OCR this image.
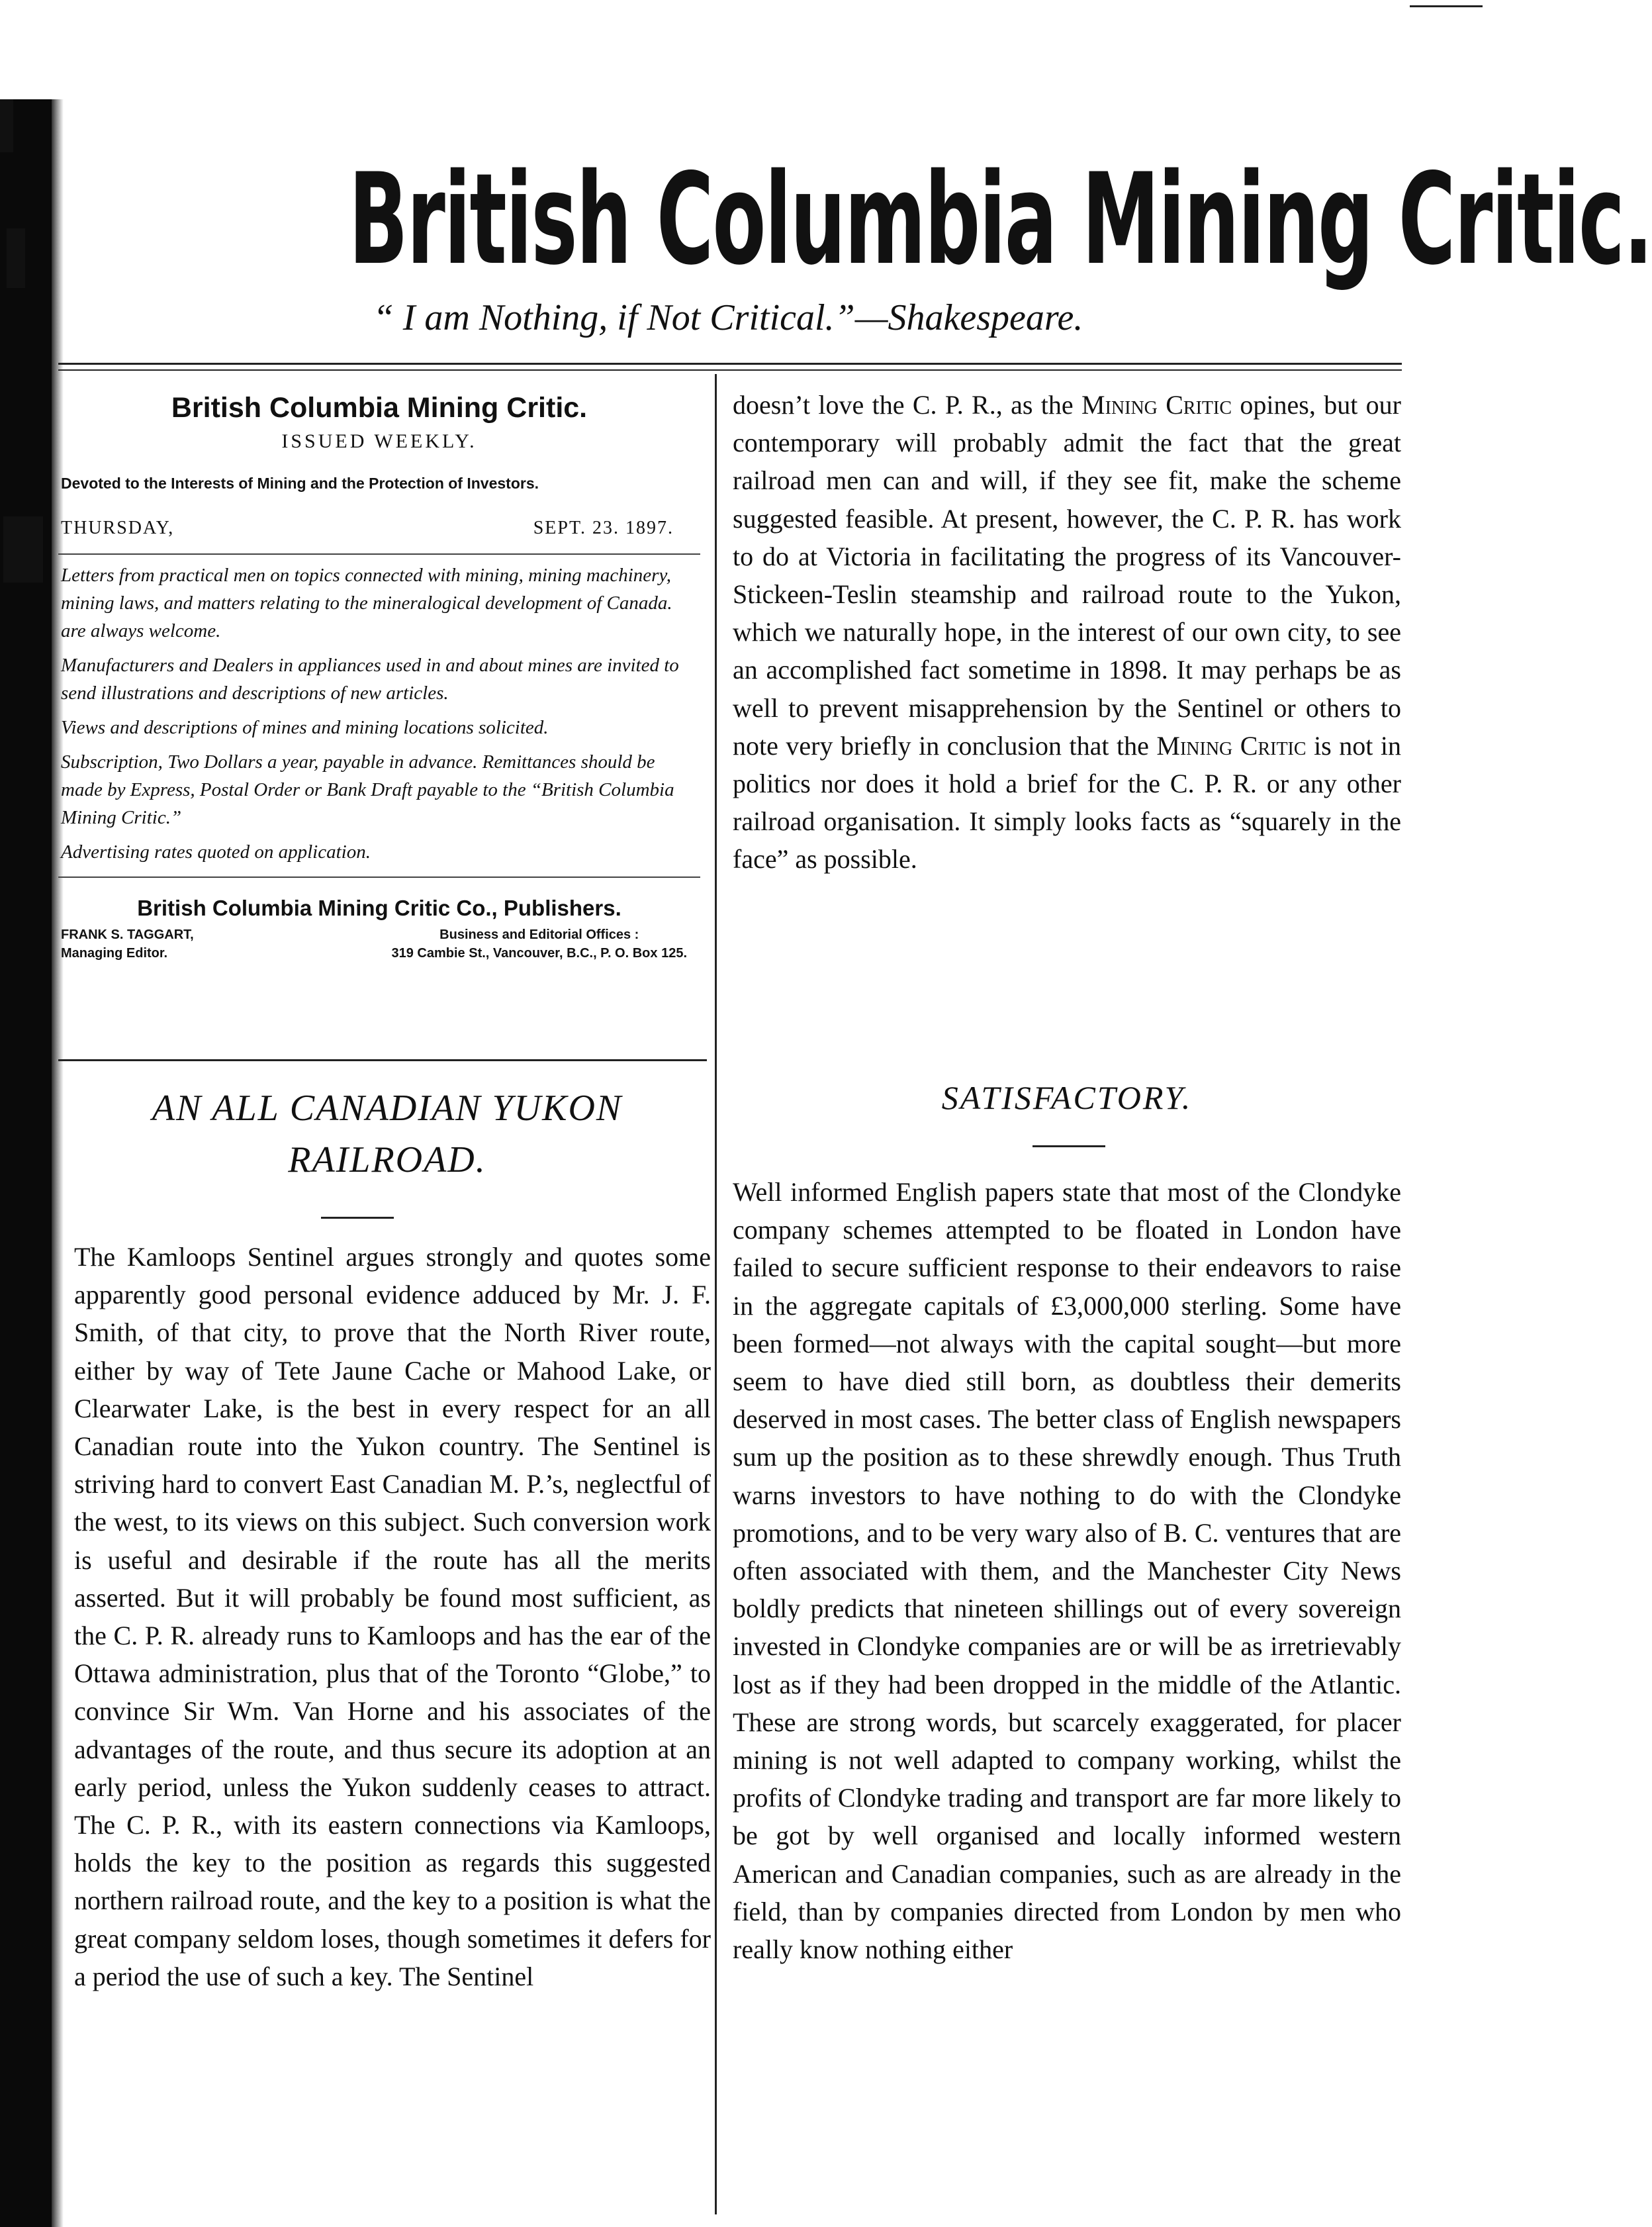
British Columbia Mining Critic.
“ I am Nothing, if Not Critical.”—Shakespeare.
British Columbia Mining Critic.
ISSUED WEEKLY.
Devoted to the Interests of Mining and the Protection of Investors.
THURSDAY,	SEPT. 23. 1897.

Letters from practical men on topics connected with mining, mining machinery, mining laws, and matters relating to the mineralogical development of Canada. are always welcome.

Manufacturers and Dealers in appliances used in and about mines are invited to send illustrations and descriptions of new articles.

Views and descriptions of mines and mining locations solicited.

Subscription, Two Dollars a year, payable in advance. Remittances should be made by Express, Postal Order or Bank Draft payable to the “British Columbia Mining Critic.”

Advertising rates quoted on application.

British Columbia Mining Critic Co., Publishers.
FRANK S. TAGGART,
Managing Editor.
Business and Editorial Offices :
319 Cambie St., Vancouver, B.C., P. O. Box 125.
AN ALL CANADIAN YUKON RAILROAD.
The Kamloops Sentinel argues strongly and quotes some apparently good personal evidence adduced by Mr. J. F. Smith, of that city, to prove that the North River route, either by way of Tete Jaune Cache or Mahood Lake, or Clearwater Lake, is the best in every respect for an all Canadian route into the Yukon country. The Sentinel is striving hard to convert East Canadian M. P.’s, neglectful of the west, to its views on this subject. Such conversion work is useful and desirable if the route has all the merits asserted. But it will probably be found most sufficient, as the C. P. R. already runs to Kamloops and has the ear of the Ottawa administration, plus that of the Toronto “Globe,” to convince Sir Wm. Van Horne and his associates of the advantages of the route, and thus secure its adoption at an early period, unless the Yukon suddenly ceases to attract. The C. P. R., with its eastern connections via Kamloops, holds the key to the position as regards this suggested northern railroad route, and the key to a position is what the great company seldom loses, though sometimes it defers for a period the use of such a key. The Sentinel
doesn’t love the C. P. R., as the Mining Critic opines, but our contemporary will probably admit the fact that the great railroad men can and will, if they see fit, make the scheme suggested feasible. At present, however, the C. P. R. has work to do at Victoria in facilitating the progress of its Vancouver-Stickeen-Teslin steamship and railroad route to the Yukon, which we naturally hope, in the interest of our own city, to see an accomplished fact sometime in 1898. It may perhaps be as well to prevent misapprehension by the Sentinel or others to note very briefly in conclusion that the Mining Critic is not in politics nor does it hold a brief for the C. P. R. or any other railroad organisation. It simply looks facts as “squarely in the face” as possible.
SATISFACTORY.
Well informed English papers state that most of the Clondyke company schemes attempted to be floated in London have failed to secure sufficient response to their endeavors to raise in the aggregate capitals of £3,000,000 sterling. Some have been formed—not always with the capital sought—but more seem to have died still born, as doubtless their demerits deserved in most cases. The better class of English newspapers sum up the position as to these shrewdly enough. Thus Truth warns investors to have nothing to do with the Clondyke promotions, and to be very wary also of B. C. ventures that are often associated with them, and the Manchester City News boldly predicts that nineteen shillings out of every sovereign invested in Clondyke companies are or will be as irretrievably lost as if they had been dropped in the middle of the Atlantic. These are strong words, but scarcely exaggerated, for placer mining is not well adapted to company working, whilst the profits of Clondyke trading and transport are far more likely to be got by well organised and locally informed western American and Canadian companies, such as are already in the field, than by companies directed from London by men who really know nothing either
